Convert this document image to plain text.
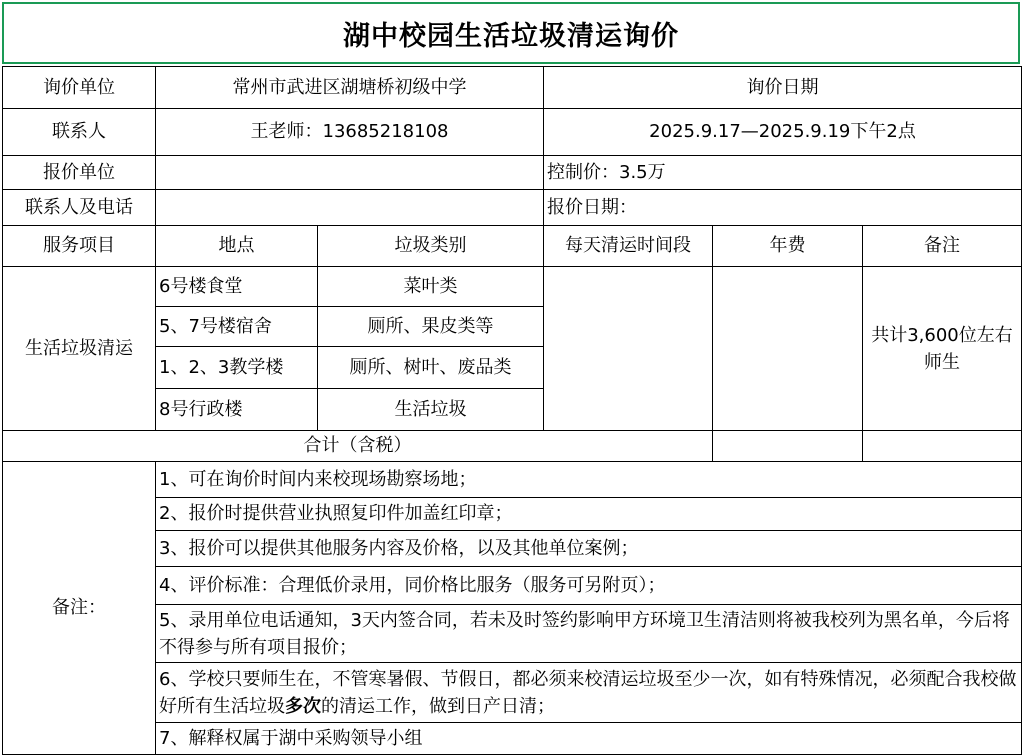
湖中校园生活垃圾清运询价
询价单位	常州市武进区湖塘桥初级中学		询价日期		
联系人	王老师：13685218108		2025.9.17—2025.9.19下午2点		
报价单位			控制价：3.5万		
联系人及电话			报价日期：		
服务项目	地点	垃圾类别	每天清运时间段	年费	备注
生活垃圾清运	6号楼食堂	菜叶类			共计3,600位左右师生
	5、7号楼宿舍	厕所、果皮类等			
	1、2、3教学楼	厕所、树叶、废品类			
	8号行政楼	生活垃圾			
合计（含税）					
备注：	1、可在询价时间内来校现场勘察场地；				
	2、报价时提供营业执照复印件加盖红印章；				
	3、报价可以提供其他服务内容及价格，以及其他单位案例；				
	4、评价标准：合理低价录用，同价格比服务（服务可另附页）；				
	5、录用单位电话通知，3天内签合同，若未及时签约影响甲方环境卫生清洁则将被我校列为黑名单，今后将不得参与所有项目报价；				
	6、学校只要师生在，不管寒暑假、节假日，都必须来校清运垃圾至少一次，如有特殊情况，必须配合我校做好所有生活垃圾多次的清运工作，做到日产日清；				
	7、解释权属于湖中采购领导小组				
